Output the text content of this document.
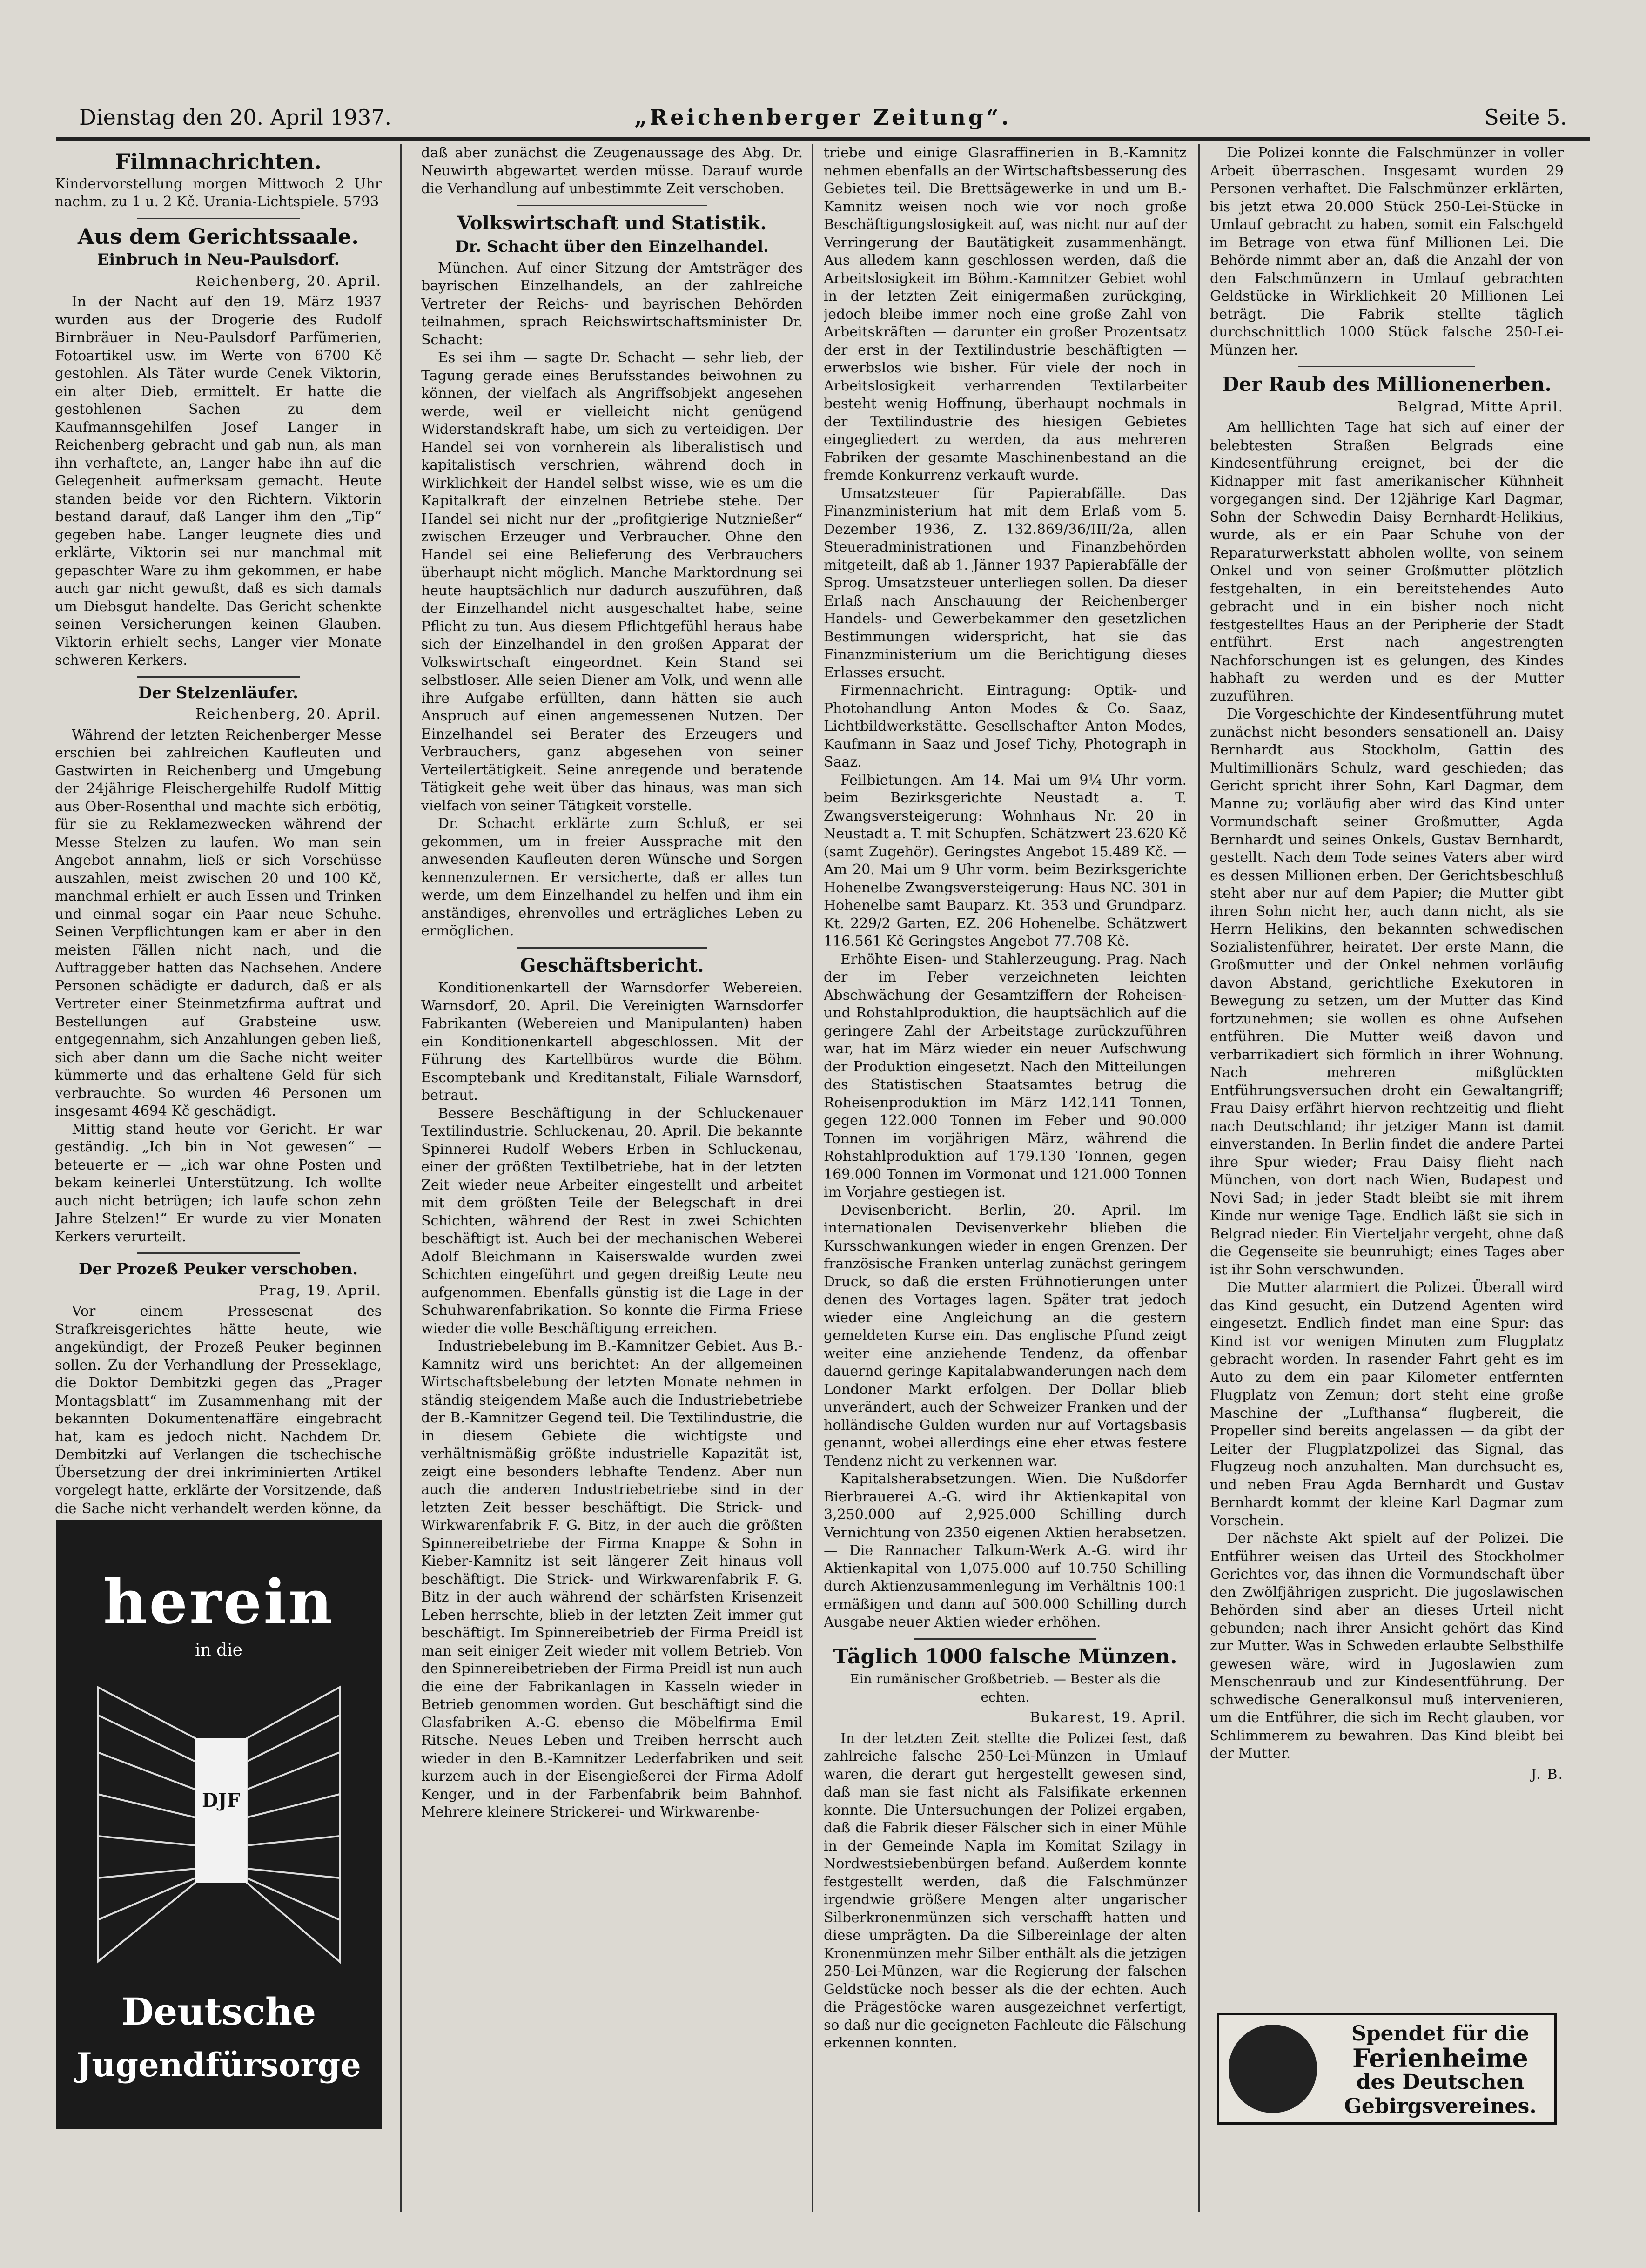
Dienstag den 20. April 1937.	„Reichenberger Zeitung“.	Seite 5.
Filmnachrichten.

Kindervorstellung morgen Mittwoch 2 Uhr nachm. zu 1 u. 2 Kč. Urania-Lichtspiele. 5793

Aus dem Gerichtssaale.
Einbruch in Neu-Paulsdorf.
Reichenberg, 20. April.

In der Nacht auf den 19. März 1937 wurden aus der Drogerie des Rudolf Birnbräuer in Neu-Paulsdorf Parfümerien, Fotoartikel usw. im Werte von 6700 Kč gestohlen. Als Täter wurde Cenek Viktorin, ein alter Dieb, ermittelt. Er hatte die gestohlenen Sachen zu dem Kaufmannsgehilfen Josef Langer in Reichenberg gebracht und gab nun, als man ihn verhaftete, an, Langer habe ihn auf die Gelegenheit aufmerksam gemacht. Heute standen beide vor den Richtern. Viktorin bestand darauf, daß Langer ihm den „Tip“ gegeben habe. Langer leugnete dies und erklärte, Viktorin sei nur manchmal mit gepaschter Ware zu ihm gekommen, er habe auch gar nicht gewußt, daß es sich damals um Diebsgut handelte. Das Gericht schenkte seinen Versicherungen keinen Glauben. Viktorin erhielt sechs, Langer vier Monate schweren Kerkers.

Der Stelzenläufer.
Reichenberg, 20. April.

Während der letzten Reichenberger Messe erschien bei zahlreichen Kaufleuten und Gastwirten in Reichenberg und Umgebung der 24jährige Fleischergehilfe Rudolf Mittig aus Ober-Rosenthal und machte sich erbötig, für sie zu Reklamezwecken während der Messe Stelzen zu laufen. Wo man sein Angebot annahm, ließ er sich Vorschüsse auszahlen, meist zwischen 20 und 100 Kč, manchmal erhielt er auch Essen und Trinken und einmal sogar ein Paar neue Schuhe. Seinen Verpflichtungen kam er aber in den meisten Fällen nicht nach, und die Auftraggeber hatten das Nachsehen. Andere Personen schädigte er dadurch, daß er als Vertreter einer Steinmetzfirma auftrat und Bestellungen auf Grabsteine usw. entgegennahm, sich Anzahlungen geben ließ, sich aber dann um die Sache nicht weiter kümmerte und das erhaltene Geld für sich verbrauchte. So wurden 46 Personen um insgesamt 4694 Kč geschädigt.

Mittig stand heute vor Gericht. Er war geständig. „Ich bin in Not gewesen“ — beteuerte er — „ich war ohne Posten und bekam keinerlei Unterstützung. Ich wollte auch nicht betrügen; ich laufe schon zehn Jahre Stelzen!“ Er wurde zu vier Monaten Kerkers verurteilt.

Der Prozeß Peuker verschoben.
Prag, 19. April.

Vor einem Pressesenat des Strafkreisgerichtes hätte heute, wie angekündigt, der Prozeß Peuker beginnen sollen. Zu der Verhandlung der Presseklage, die Doktor Dembitzki gegen das „Prager Montagsblatt“ im Zusammenhang mit der bekannten Dokumentenaffäre eingebracht hat, kam es jedoch nicht. Nachdem Dr. Dembitzki auf Verlangen die tschechische Übersetzung der drei inkriminierten Artikel vorgelegt hatte, erklärte der Vorsitzende, daß die Sache nicht verhandelt werden könne, da

herein
in die
DJF
Deutsche
Jugendfürsorge

daß aber zunächst die Zeugenaussage des Abg. Dr. Neuwirth abgewartet werden müsse. Darauf wurde die Verhandlung auf unbestimmte Zeit verschoben.

Volkswirtschaft und Statistik.
Dr. Schacht über den Einzelhandel.

München. Auf einer Sitzung der Amtsträger des bayrischen Einzelhandels, an der zahlreiche Vertreter der Reichs- und bayrischen Behörden teilnahmen, sprach Reichswirtschaftsminister Dr. Schacht:

Es sei ihm — sagte Dr. Schacht — sehr lieb, der Tagung gerade eines Berufsstandes beiwohnen zu können, der vielfach als Angriffsobjekt angesehen werde, weil er vielleicht nicht genügend Widerstandskraft habe, um sich zu verteidigen. Der Handel sei von vornherein als liberalistisch und kapitalistisch verschrien, während doch in Wirklichkeit der Handel selbst wisse, wie es um die Kapitalkraft der einzelnen Betriebe stehe. Der Handel sei nicht nur der „profitgierige Nutznießer“ zwischen Erzeuger und Verbraucher. Ohne den Handel sei eine Belieferung des Verbrauchers überhaupt nicht möglich. Manche Marktordnung sei heute hauptsächlich nur dadurch auszuführen, daß der Einzelhandel nicht ausgeschaltet habe, seine Pflicht zu tun. Aus diesem Pflichtgefühl heraus habe sich der Einzelhandel in den großen Apparat der Volkswirtschaft eingeordnet. Kein Stand sei selbstloser. Alle seien Diener am Volk, und wenn alle ihre Aufgabe erfüllten, dann hätten sie auch Anspruch auf einen angemessenen Nutzen. Der Einzelhandel sei Berater des Erzeugers und Verbrauchers, ganz abgesehen von seiner Verteilertätigkeit. Seine anregende und beratende Tätigkeit gehe weit über das hinaus, was man sich vielfach von seiner Tätigkeit vorstelle.

Dr. Schacht erklärte zum Schluß, er sei gekommen, um in freier Aussprache mit den anwesenden Kaufleuten deren Wünsche und Sorgen kennenzulernen. Er versicherte, daß er alles tun werde, um dem Einzelhandel zu helfen und ihm ein anständiges, ehrenvolles und erträgliches Leben zu ermöglichen.

Geschäftsbericht.

Konditionenkartell der Warnsdorfer Webereien. Warnsdorf, 20. April. Die Vereinigten Warnsdorfer Fabrikanten (Webereien und Manipulanten) haben ein Konditionenkartell abgeschlossen. Mit der Führung des Kartellbüros wurde die Böhm. Escomptebank und Kreditanstalt, Filiale Warnsdorf, betraut.

Bessere Beschäftigung in der Schluckenauer Textilindustrie. Schluckenau, 20. April. Die bekannte Spinnerei Rudolf Webers Erben in Schluckenau, einer der größten Textilbetriebe, hat in der letzten Zeit wieder neue Arbeiter eingestellt und arbeitet mit dem größten Teile der Belegschaft in drei Schichten, während der Rest in zwei Schichten beschäftigt ist. Auch bei der mechanischen Weberei Adolf Bleichmann in Kaiserswalde wurden zwei Schichten eingeführt und gegen dreißig Leute neu aufgenommen. Ebenfalls günstig ist die Lage in der Schuhwarenfabrikation. So konnte die Firma Friese wieder die volle Beschäftigung erreichen.

Industriebelebung im B.-Kamnitzer Gebiet. Aus B.-Kamnitz wird uns berichtet: An der allgemeinen Wirtschaftsbelebung der letzten Monate nehmen in ständig steigendem Maße auch die Industriebetriebe der B.-Kamnitzer Gegend teil. Die Textilindustrie, die in diesem Gebiete die wichtigste und verhältnismäßig größte industrielle Kapazität ist, zeigt eine besonders lebhafte Tendenz. Aber nun auch die anderen Industriebetriebe sind in der letzten Zeit besser beschäftigt. Die Strick- und Wirkwarenfabrik F. G. Bitz, in der auch die größten Spinnereibetriebe der Firma Knappe & Sohn in Kieber-Kamnitz ist seit längerer Zeit hinaus voll beschäftigt. Die Strick- und Wirkwarenfabrik F. G. Bitz in der auch während der schärfsten Krisenzeit Leben herrschte, blieb in der letzten Zeit immer gut beschäftigt. Im Spinnereibetrieb der Firma Preidl ist man seit einiger Zeit wieder mit vollem Betrieb. Von den Spinnereibetrieben der Firma Preidl ist nun auch die eine der Fabrikanlagen in Kasseln wieder in Betrieb genommen worden. Gut beschäftigt sind die Glasfabriken A.-G. ebenso die Möbelfirma Emil Ritsche. Neues Leben und Treiben herrscht auch wieder in den B.-Kamnitzer Lederfabriken und seit kurzem auch in der Eisengießerei der Firma Adolf Kenger, und in der Farbenfabrik beim Bahnhof. Mehrere kleinere Strickerei- und Wirkwarenbe-

triebe und einige Glasraffinerien in B.-Kamnitz nehmen ebenfalls an der Wirtschaftsbesserung des Gebietes teil. Die Brettsägewerke in und um B.-Kamnitz weisen noch wie vor noch große Beschäftigungslosigkeit auf, was nicht nur auf der Verringerung der Bautätigkeit zusammenhängt. Aus alledem kann geschlossen werden, daß die Arbeitslosigkeit im Böhm.-Kamnitzer Gebiet wohl in der letzten Zeit einigermaßen zurückging, jedoch bleibe immer noch eine große Zahl von Arbeitskräften — darunter ein großer Prozentsatz der erst in der Textilindustrie beschäftigten — erwerbslos wie bisher. Für viele der noch in Arbeitslosigkeit verharrenden Textilarbeiter besteht wenig Hoffnung, überhaupt nochmals in der Textilindustrie des hiesigen Gebietes eingegliedert zu werden, da aus mehreren Fabriken der gesamte Maschinenbestand an die fremde Konkurrenz verkauft wurde.

Umsatzsteuer für Papierabfälle. Das Finanzministerium hat mit dem Erlaß vom 5. Dezember 1936, Z. 132.869/36/III/2a, allen Steueradministrationen und Finanzbehörden mitgeteilt, daß ab 1. Jänner 1937 Papierabfälle der Sprog. Umsatzsteuer unterliegen sollen. Da dieser Erlaß nach Anschauung der Reichenberger Handels- und Gewerbekammer den gesetzlichen Bestimmungen widerspricht, hat sie das Finanzministerium um die Berichtigung dieses Erlasses ersucht.

Firmennachricht. Eintragung: Optik- und Photohandlung Anton Modes & Co. Saaz, Lichtbildwerkstätte. Gesellschafter Anton Modes, Kaufmann in Saaz und Josef Tichy, Photograph in Saaz.

Feilbietungen. Am 14. Mai um 9¼ Uhr vorm. beim Bezirksgerichte Neustadt a. T. Zwangsversteigerung: Wohnhaus Nr. 20 in Neustadt a. T. mit Schupfen. Schätzwert 23.620 Kč (samt Zugehör). Geringstes Angebot 15.489 Kč. — Am 20. Mai um 9 Uhr vorm. beim Bezirksgerichte Hohenelbe Zwangsversteigerung: Haus NC. 301 in Hohenelbe samt Bauparz. Kt. 353 und Grundparz. Kt. 229/2 Garten, EZ. 206 Hohenelbe. Schätzwert 116.561 Kč Geringstes Angebot 77.708 Kč.

Erhöhte Eisen- und Stahlerzeugung. Prag. Nach der im Feber verzeichneten leichten Abschwächung der Gesamtziffern der Roheisen- und Rohstahlproduktion, die hauptsächlich auf die geringere Zahl der Arbeitstage zurückzuführen war, hat im März wieder ein neuer Aufschwung der Produktion eingesetzt. Nach den Mitteilungen des Statistischen Staatsamtes betrug die Roheisenproduktion im März 142.141 Tonnen, gegen 122.000 Tonnen im Feber und 90.000 Tonnen im vorjährigen März, während die Rohstahlproduktion auf 179.130 Tonnen, gegen 169.000 Tonnen im Vormonat und 121.000 Tonnen im Vorjahre gestiegen ist.

Devisenbericht. Berlin, 20. April. Im internationalen Devisenverkehr blieben die Kursschwankungen wieder in engen Grenzen. Der französische Franken unterlag zunächst geringem Druck, so daß die ersten Frühnotierungen unter denen des Vortages lagen. Später trat jedoch wieder eine Angleichung an die gestern gemeldeten Kurse ein. Das englische Pfund zeigt weiter eine anziehende Tendenz, da offenbar dauernd geringe Kapitalabwanderungen nach dem Londoner Markt erfolgen. Der Dollar blieb unverändert, auch der Schweizer Franken und der holländische Gulden wurden nur auf Vortagsbasis genannt, wobei allerdings eine eher etwas festere Tendenz nicht zu verkennen war.

Kapitalsherabsetzungen. Wien. Die Nußdorfer Bierbrauerei A.-G. wird ihr Aktienkapital von 3,250.000 auf 2,925.000 Schilling durch Vernichtung von 2350 eigenen Aktien herabsetzen. — Die Rannacher Talkum-Werk A.-G. wird ihr Aktienkapital von 1,075.000 auf 10.750 Schilling durch Aktienzusammenlegung im Verhältnis 100:1 ermäßigen und dann auf 500.000 Schilling durch Ausgabe neuer Aktien wieder erhöhen.

Täglich 1000 falsche Münzen.
Ein rumänischer Großbetrieb. — Bester als die echten.
Bukarest, 19. April.

In der letzten Zeit stellte die Polizei fest, daß zahlreiche falsche 250-Lei-Münzen in Umlauf waren, die derart gut hergestellt gewesen sind, daß man sie fast nicht als Falsifikate erkennen konnte. Die Untersuchungen der Polizei ergaben, daß die Fabrik dieser Fälscher sich in einer Mühle in der Gemeinde Napla im Komitat Szilagy in Nordwestsiebenbürgen befand. Außerdem konnte festgestellt werden, daß die Falschmünzer irgendwie größere Mengen alter ungarischer Silberkronenmünzen sich verschafft hatten und diese umprägten. Da die Silbereinlage der alten Kronenmünzen mehr Silber enthält als die jetzigen 250-Lei-Münzen, war die Regierung der falschen Geldstücke noch besser als die der echten. Auch die Prägestöcke waren ausgezeichnet verfertigt, so daß nur die geeigneten Fachleute die Fälschung erkennen konnten.

Die Polizei konnte die Falschmünzer in voller Arbeit überraschen. Insgesamt wurden 29 Personen verhaftet. Die Falschmünzer erklärten, bis jetzt etwa 20.000 Stück 250-Lei-Stücke in Umlauf gebracht zu haben, somit ein Falschgeld im Betrage von etwa fünf Millionen Lei. Die Behörde nimmt aber an, daß die Anzahl der von den Falschmünzern in Umlauf gebrachten Geldstücke in Wirklichkeit 20 Millionen Lei beträgt. Die Fabrik stellte täglich durchschnittlich 1000 Stück falsche 250-Lei-Münzen her.

Der Raub des Millionenerben.
Belgrad, Mitte April.

Am helllichten Tage hat sich auf einer der belebtesten Straßen Belgrads eine Kindesentführung ereignet, bei der die Kidnapper mit fast amerikanischer Kühnheit vorgegangen sind. Der 12jährige Karl Dagmar, Sohn der Schwedin Daisy Bernhardt-Helikius, wurde, als er ein Paar Schuhe von der Reparaturwerkstatt abholen wollte, von seinem Onkel und von seiner Großmutter plötzlich festgehalten, in ein bereitstehendes Auto gebracht und in ein bisher noch nicht festgestelltes Haus an der Peripherie der Stadt entführt. Erst nach angestrengten Nachforschungen ist es gelungen, des Kindes habhaft zu werden und es der Mutter zuzuführen.

Die Vorgeschichte der Kindesentführung mutet zunächst nicht besonders sensationell an. Daisy Bernhardt aus Stockholm, Gattin des Multimillionärs Schulz, ward geschieden; das Gericht spricht ihrer Sohn, Karl Dagmar, dem Manne zu; vorläufig aber wird das Kind unter Vormundschaft seiner Großmutter, Agda Bernhardt und seines Onkels, Gustav Bernhardt, gestellt. Nach dem Tode seines Vaters aber wird es dessen Millionen erben. Der Gerichtsbeschluß steht aber nur auf dem Papier; die Mutter gibt ihren Sohn nicht her, auch dann nicht, als sie Herrn Helikins, den bekannten schwedischen Sozialistenführer, heiratet. Der erste Mann, die Großmutter und der Onkel nehmen vorläufig davon Abstand, gerichtliche Exekutoren in Bewegung zu setzen, um der Mutter das Kind fortzunehmen; sie wollen es ohne Aufsehen entführen. Die Mutter weiß davon und verbarrikadiert sich förmlich in ihrer Wohnung. Nach mehreren mißglückten Entführungsversuchen droht ein Gewaltangriff; Frau Daisy erfährt hiervon rechtzeitig und flieht nach Deutschland; ihr jetziger Mann ist damit einverstanden. In Berlin findet die andere Partei ihre Spur wieder; Frau Daisy flieht nach München, von dort nach Wien, Budapest und Novi Sad; in jeder Stadt bleibt sie mit ihrem Kinde nur wenige Tage. Endlich läßt sie sich in Belgrad nieder. Ein Vierteljahr vergeht, ohne daß die Gegenseite sie beunruhigt; eines Tages aber ist ihr Sohn verschwunden.

Die Mutter alarmiert die Polizei. Überall wird das Kind gesucht, ein Dutzend Agenten wird eingesetzt. Endlich findet man eine Spur: das Kind ist vor wenigen Minuten zum Flugplatz gebracht worden. In rasender Fahrt geht es im Auto zu dem ein paar Kilometer entfernten Flugplatz von Zemun; dort steht eine große Maschine der „Lufthansa“ flugbereit, die Propeller sind bereits angelassen — da gibt der Leiter der Flugplatzpolizei das Signal, das Flugzeug noch anzuhalten. Man durchsucht es, und neben Frau Agda Bernhardt und Gustav Bernhardt kommt der kleine Karl Dagmar zum Vorschein.

Der nächste Akt spielt auf der Polizei. Die Entführer weisen das Urteil des Stockholmer Gerichtes vor, das ihnen die Vormundschaft über den Zwölfjährigen zuspricht. Die jugoslawischen Behörden sind aber an dieses Urteil nicht gebunden; nach ihrer Ansicht gehört das Kind zur Mutter. Was in Schweden erlaubte Selbsthilfe gewesen wäre, wird in Jugoslawien zum Menschenraub und zur Kindesentführung. Der schwedische Generalkonsul muß intervenieren, um die Entführer, die sich im Recht glauben, vor Schlimmerem zu bewahren. Das Kind bleibt bei der Mutter.

J. B.
Spendet für die
Ferienheime
des Deutschen
Gebirgsvereines.
